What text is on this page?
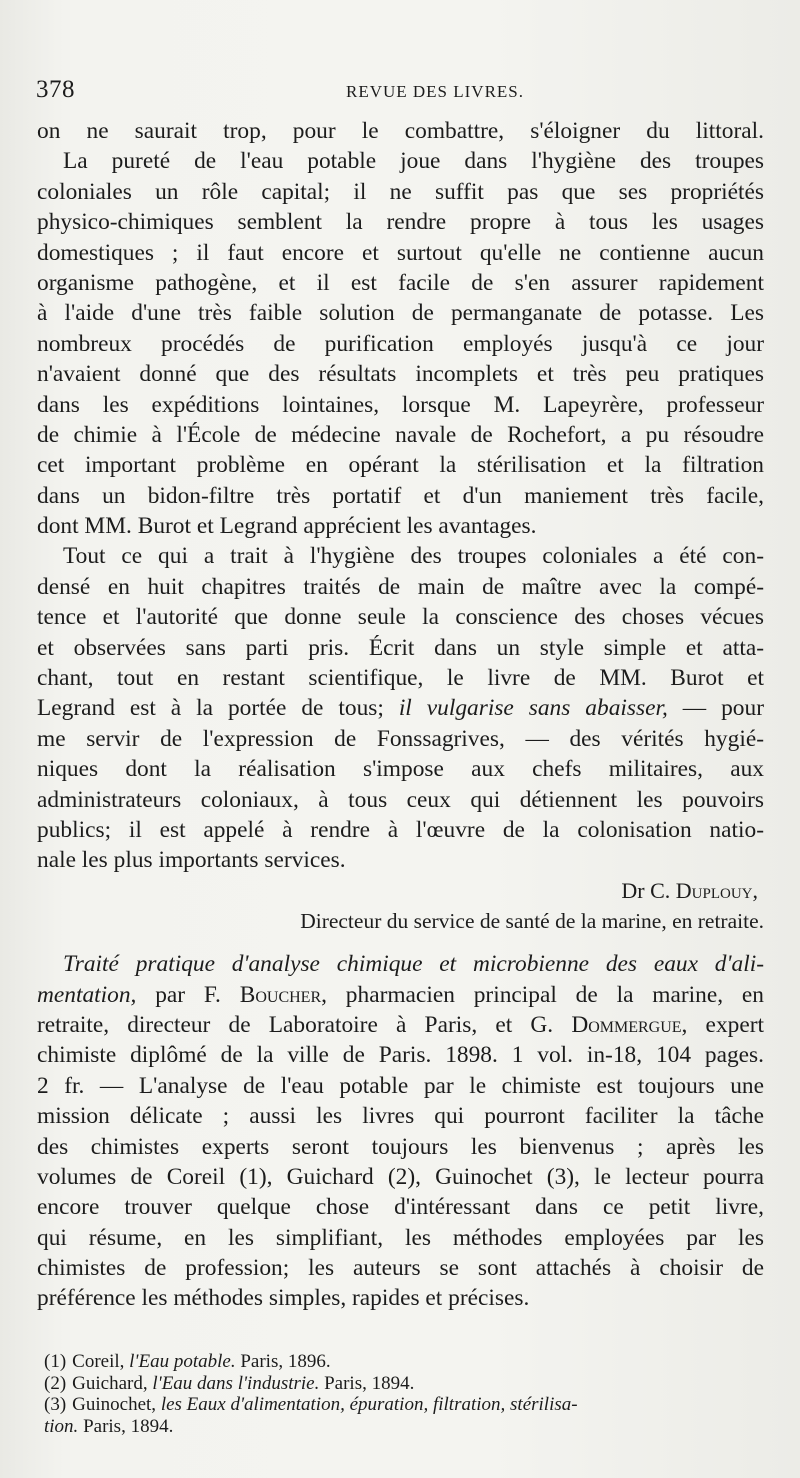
378	REVUE DES LIVRES.
on ne saurait trop, pour le combattre, s'éloigner du littoral.
La pureté de l'eau potable joue dans l'hygiène des troupes
coloniales un rôle capital; il ne suffit pas que ses propriétés
physico-chimiques semblent la rendre propre à tous les usages
domestiques ; il faut encore et surtout qu'elle ne contienne aucun
organisme pathogène, et il est facile de s'en assurer rapidement
à l'aide d'une très faible solution de permanganate de potasse. Les
nombreux procédés de purification employés jusqu'à ce jour
n'avaient donné que des résultats incomplets et très peu pratiques
dans les expéditions lointaines, lorsque M. Lapeyrère, professeur
de chimie à l'École de médecine navale de Rochefort, a pu résoudre
cet important problème en opérant la stérilisation et la filtration
dans un bidon-filtre très portatif et d'un maniement très facile,
dont MM. Burot et Legrand apprécient les avantages.
Tout ce qui a trait à l'hygiène des troupes coloniales a été con-
densé en huit chapitres traités de main de maître avec la compé-
tence et l'autorité que donne seule la conscience des choses vécues
et observées sans parti pris. Écrit dans un style simple et atta-
chant, tout en restant scientifique, le livre de MM. Burot et
Legrand est à la portée de tous; il vulgarise sans abaisser, — pour
me servir de l'expression de Fonssagrives, — des vérités hygié-
niques dont la réalisation s'impose aux chefs militaires, aux
administrateurs coloniaux, à tous ceux qui détiennent les pouvoirs
publics; il est appelé à rendre à l'œuvre de la colonisation natio-
nale les plus importants services.
Dr C. Duplouy,
Directeur du service de santé de la marine, en retraite.
Traité pratique d'analyse chimique et microbienne des eaux d'ali-
mentation, par F. Boucher, pharmacien principal de la marine, en
retraite, directeur de Laboratoire à Paris, et G. Dommergue, expert
chimiste diplômé de la ville de Paris. 1898. 1 vol. in-18, 104 pages.
2 fr. — L'analyse de l'eau potable par le chimiste est toujours une
mission délicate ; aussi les livres qui pourront faciliter la tâche
des chimistes experts seront toujours les bienvenus ; après les
volumes de Coreil (1), Guichard (2), Guinochet (3), le lecteur pourra
encore trouver quelque chose d'intéressant dans ce petit livre,
qui résume, en les simplifiant, les méthodes employées par les
chimistes de profession; les auteurs se sont attachés à choisir de
préférence les méthodes simples, rapides et précises.
(1) Coreil, l'Eau potable. Paris, 1896.
(2) Guichard, l'Eau dans l'industrie. Paris, 1894.
(3) Guinochet, les Eaux d'alimentation, épuration, filtration, stérilisa-
tion. Paris, 1894.
